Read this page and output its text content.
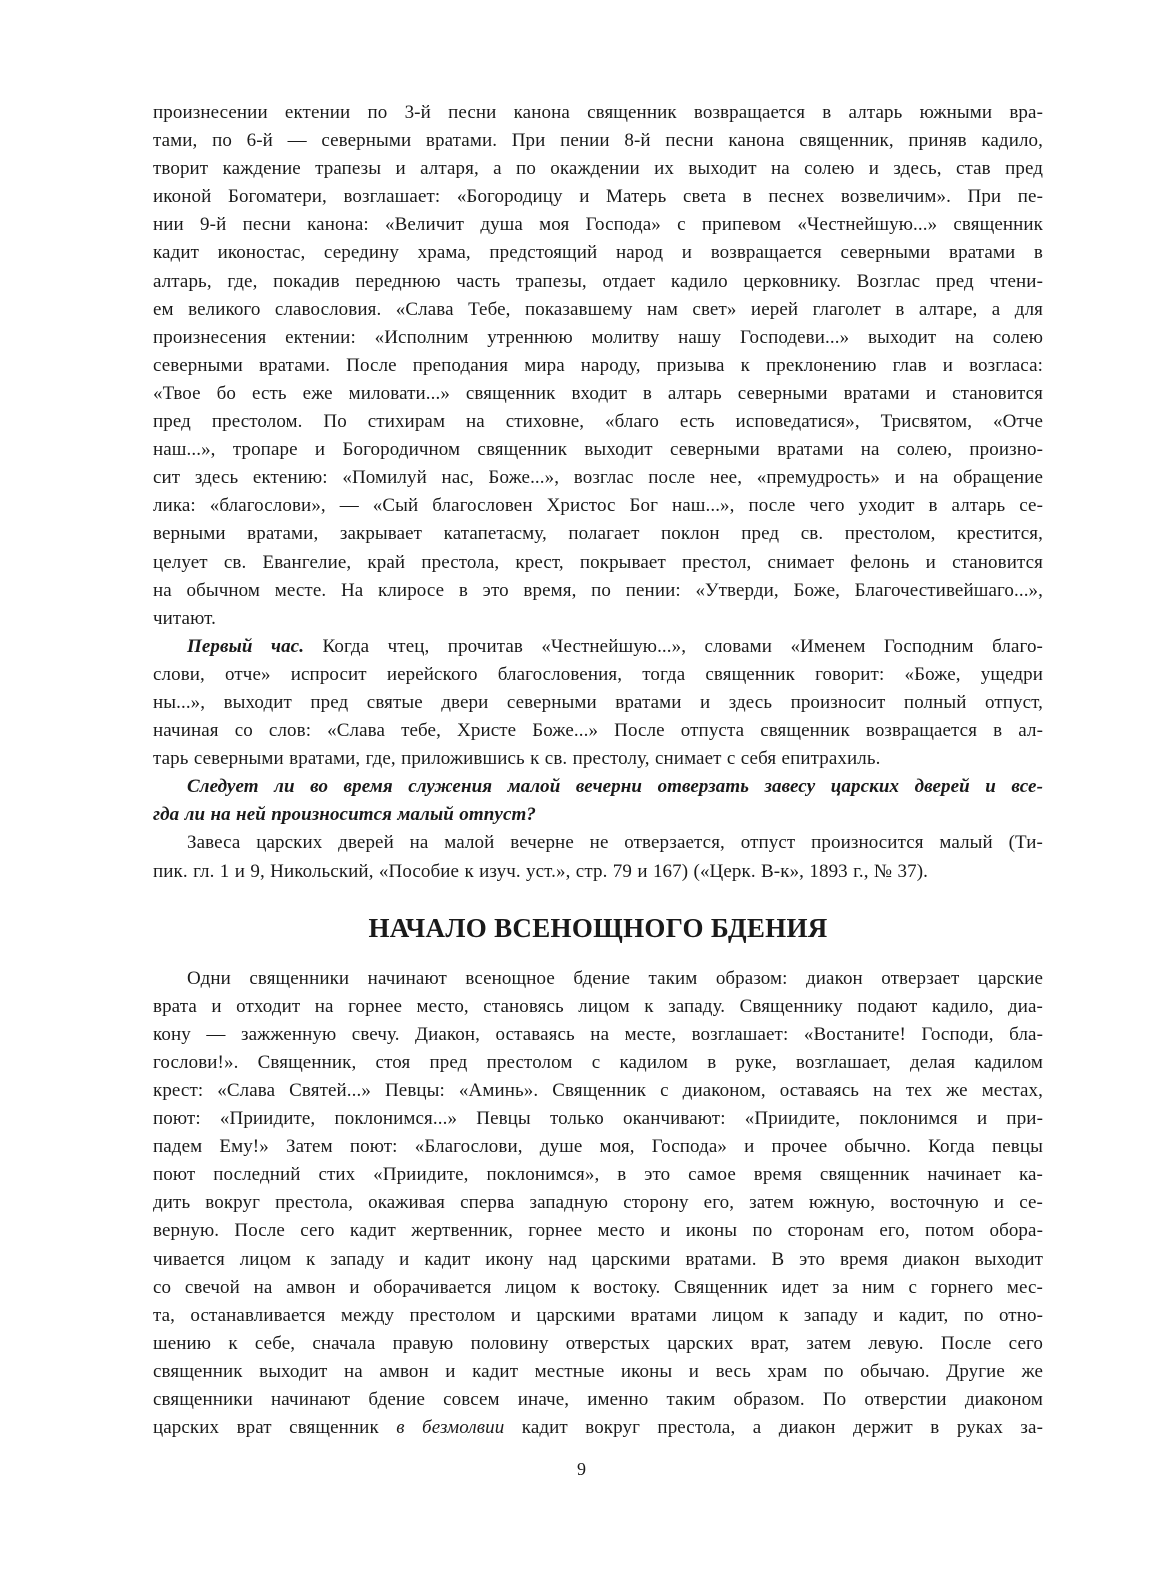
произнесении ектении по 3-й песни канона священник возвращается в алтарь южными вра-
тами, по 6-й — северными вратами. При пении 8-й песни канона священник, приняв кадило,
творит каждение трапезы и алтаря, а по окаждении их выходит на солею и здесь, став пред
иконой Богоматери, возглашает: «Богородицу и Матерь света в песнех возвеличим». При пе-
нии 9-й песни канона: «Величит душа моя Господа» с припевом «Честнейшую...» священник
кадит иконостас, середину храма, предстоящий народ и возвращается северными вратами в
алтарь, где, покадив переднюю часть трапезы, отдает кадило церковнику. Возглас пред чтени-
ем великого славословия. «Слава Тебе, показавшему нам свет» иерей глаголет в алтаре, а для
произнесения ектении: «Исполним утреннюю молитву нашу Господеви...» выходит на солею
северными вратами. После преподания мира народу, призыва к преклонению глав и возгласа:
«Твое бо есть еже миловати...» священник входит в алтарь северными вратами и становится
пред престолом. По стихирам на стиховне, «благо есть исповедатися», Трисвятом, «Отче
наш...», тропаре и Богородичном священник выходит северными вратами на солею, произно-
сит здесь ектению: «Помилуй нас, Боже...», возглас после нее, «премудрость» и на обращение
лика: «благослови», — «Сый благословен Христос Бог наш...», после чего уходит в алтарь се-
верными вратами, закрывает катапетасму, полагает поклон пред св. престолом, крестится,
целует св. Евангелие, край престола, крест, покрывает престол, снимает фелонь и становится
на обычном месте. На клиросе в это время, по пении: «Утверди, Боже, Благочестивейшаго...»,
читают.
Первый час. Когда чтец, прочитав «Честнейшую...», словами «Именем Господним благо-
слови, отче» испросит иерейского благословения, тогда священник говорит: «Боже, ущедри
ны...», выходит пред святые двери северными вратами и здесь произносит полный отпуст,
начиная со слов: «Слава тебе, Христе Боже...» После отпуста священник возвращается в ал-
тарь северными вратами, где, приложившись к св. престолу, снимает с себя епитрахиль.
Следует ли во время служения малой вечерни отверзать завесу царских дверей и все-
гда ли на ней произносится малый отпуст?
Завеса царских дверей на малой вечерне не отверзается, отпуст произносится малый (Ти-
пик. гл. 1 и 9, Никольский, «Пособие к изуч. уст.», стр. 79 и 167) («Церк. В-к», 1893 г., № 37).
НАЧАЛО ВСЕНОЩНОГО БДЕНИЯ
Одни священники начинают всенощное бдение таким образом: диакон отверзает царские
врата и отходит на горнее место, становясь лицом к западу. Священнику подают кадило, диа-
кону — зажженную свечу. Диакон, оставаясь на месте, возглашает: «Востаните! Господи, бла-
гослови!». Священник, стоя пред престолом с кадилом в руке, возглашает, делая кадилом
крест: «Слава Святей...» Певцы: «Аминь». Священник с диаконом, оставаясь на тех же местах,
поют: «Приидите, поклонимся...» Певцы только оканчивают: «Приидите, поклонимся и при-
падем Ему!» Затем поют: «Благослови, душе моя, Господа» и прочее обычно. Когда певцы
поют последний стих «Приидите, поклонимся», в это самое время священник начинает ка-
дить вокруг престола, окаживая сперва западную сторону его, затем южную, восточную и се-
верную. После сего кадит жертвенник, горнее место и иконы по сторонам его, потом обора-
чивается лицом к западу и кадит икону над царскими вратами. В это время диакон выходит
со свечой на амвон и оборачивается лицом к востоку. Священник идет за ним с горнего мес-
та, останавливается между престолом и царскими вратами лицом к западу и кадит, по отно-
шению к себе, сначала правую половину отверстых царских врат, затем левую. После сего
священник выходит на амвон и кадит местные иконы и весь храм по обычаю. Другие же
священники начинают бдение совсем иначе, именно таким образом. По отверстии диаконом
царских врат священник в безмолвии кадит вокруг престола, а диакон держит в руках за-
9
